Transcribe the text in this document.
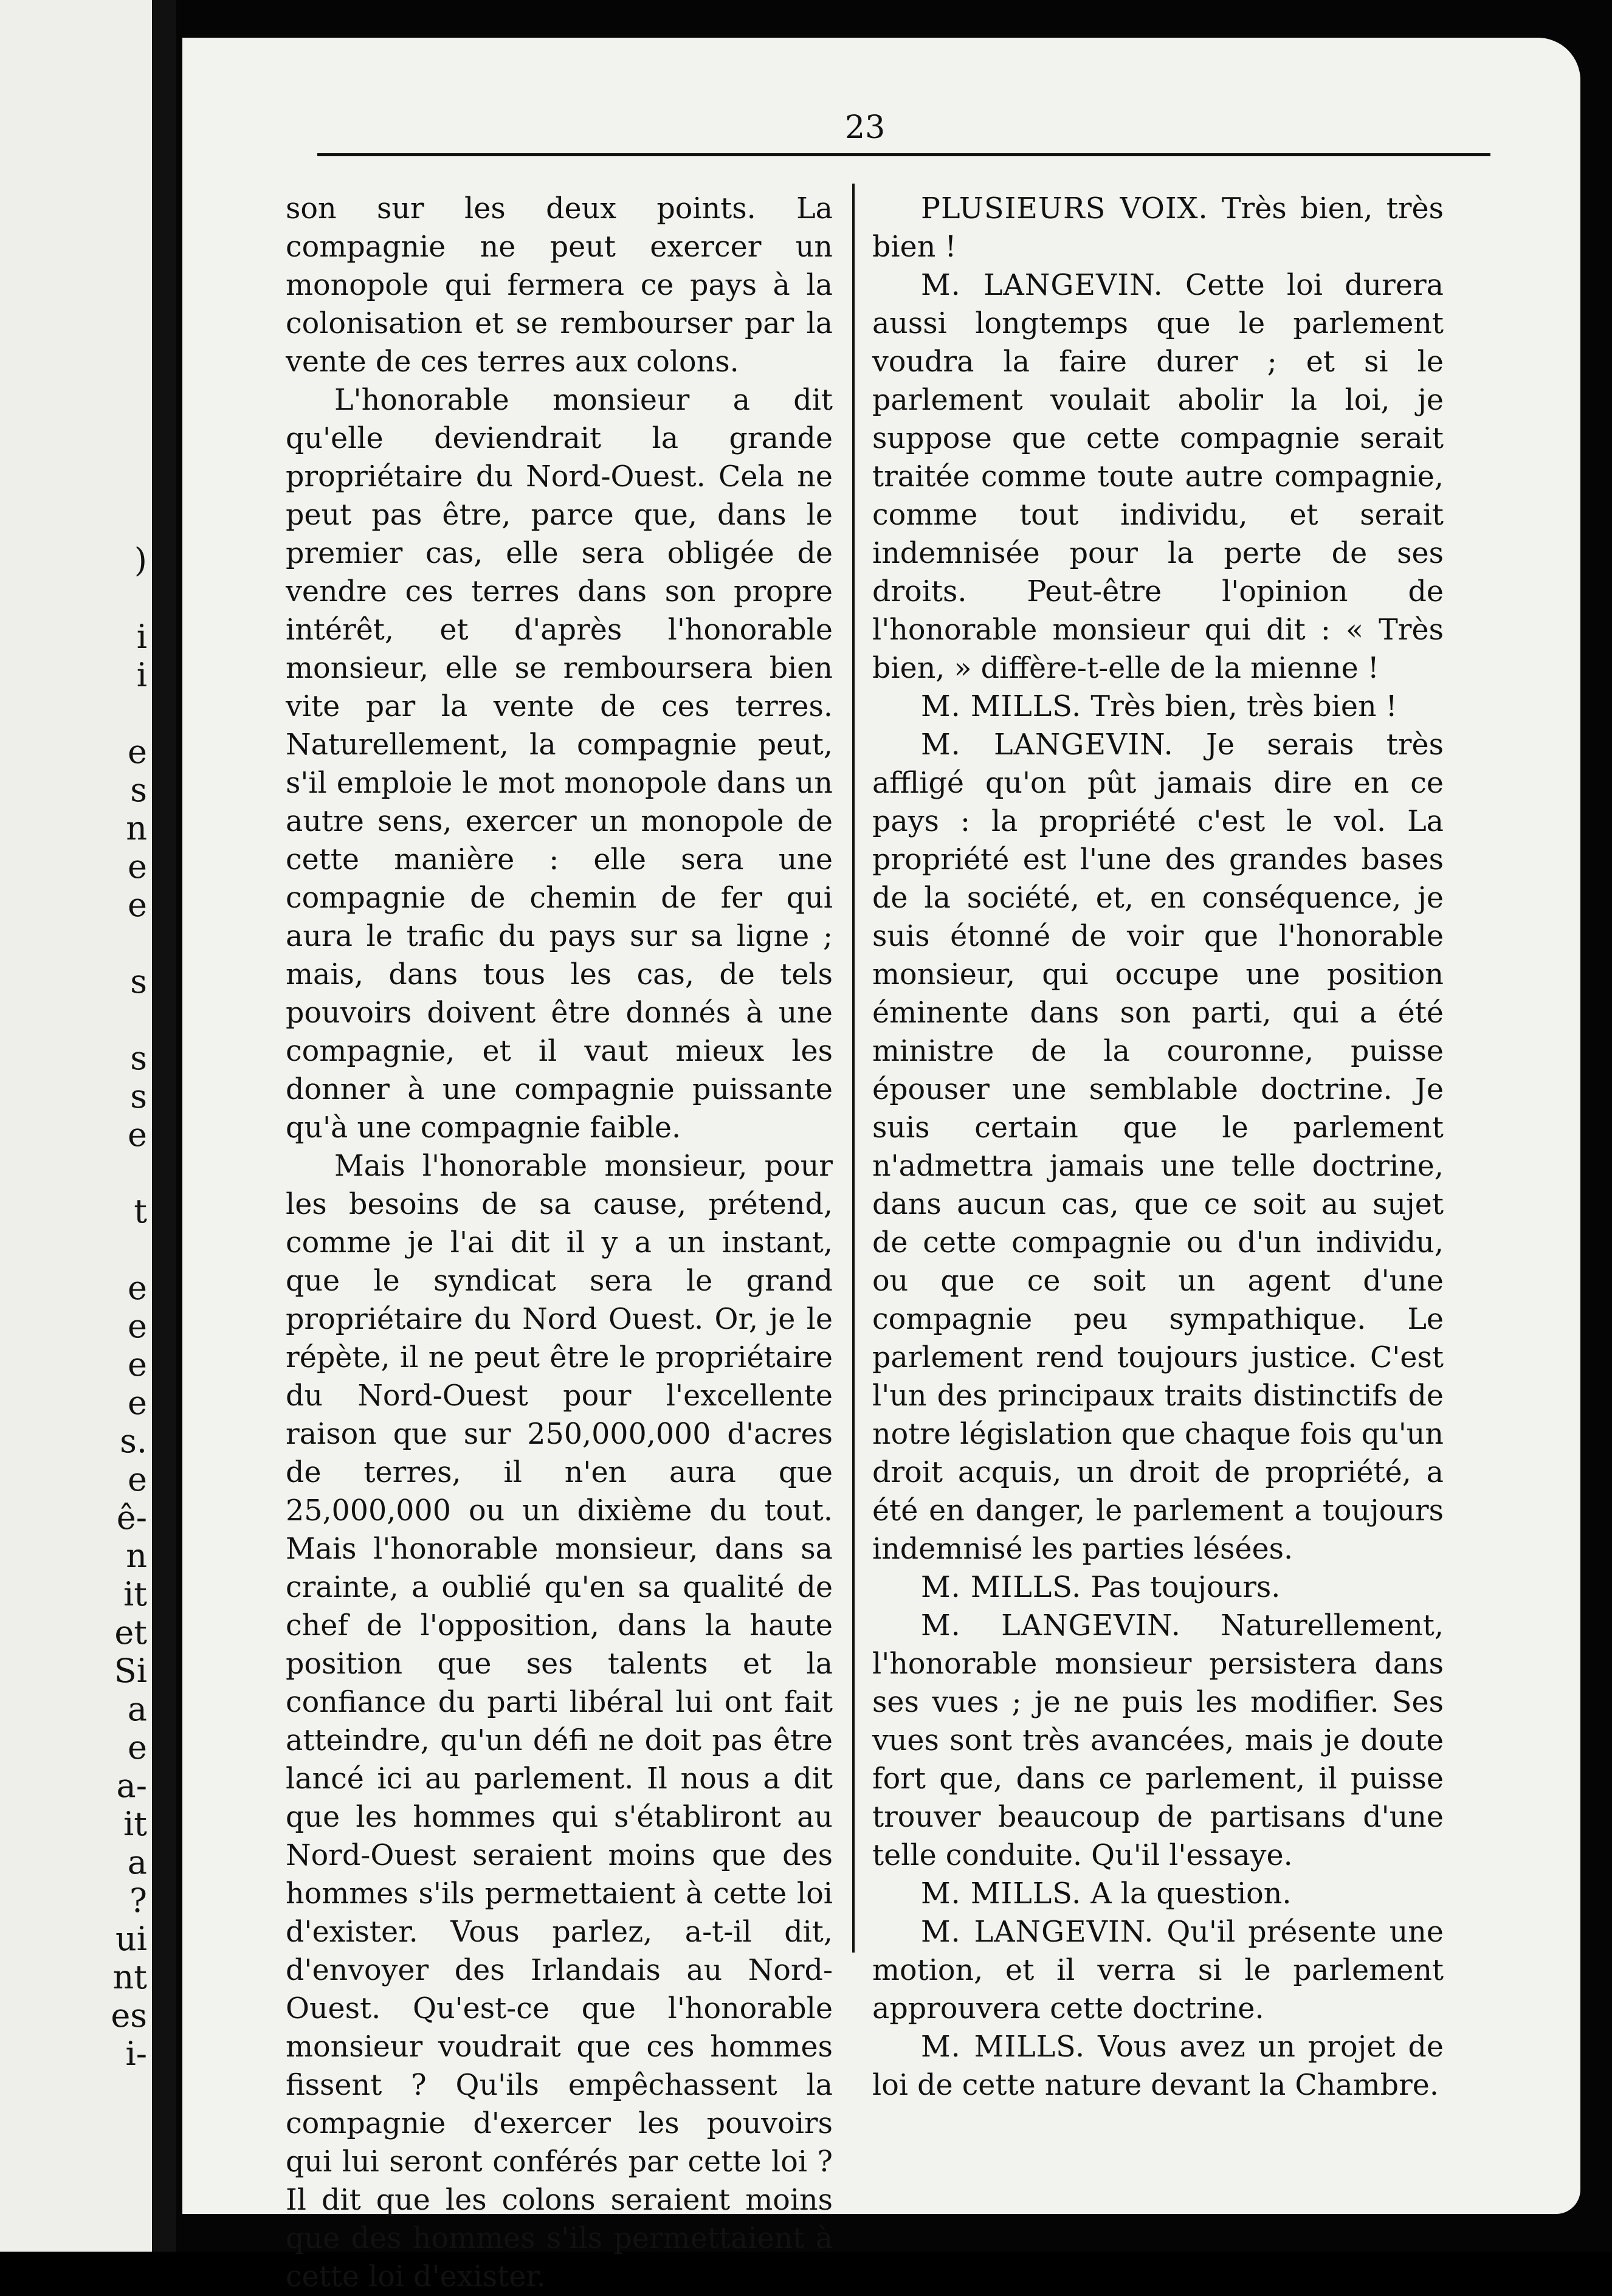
)
i
i
e
s
n
e
e
s
s
s
e
t
e
e
e
e
s.
e
ê-
n
it
et
Si
a
e
a-
it
a
?
ui
nt
es
i-
23

son sur les deux points. La compagnie ne peut exercer un monopole qui fermera ce pays à la colonisation et se rembourser par la vente de ces terres aux colons.

L'honorable monsieur a dit qu'elle deviendrait la grande propriétaire du Nord-Ouest. Cela ne peut pas être, parce que, dans le premier cas, elle sera obligée de vendre ces terres dans son propre intérêt, et d'après l'honorable monsieur, elle se remboursera bien vite par la vente de ces terres. Naturellement, la compagnie peut, s'il emploie le mot monopole dans un autre sens, exercer un monopole de cette manière : elle sera une compagnie de chemin de fer qui aura le trafic du pays sur sa ligne ; mais, dans tous les cas, de tels pouvoirs doivent être donnés à une compagnie, et il vaut mieux les donner à une compagnie puissante qu'à une compagnie faible.

Mais l'honorable monsieur, pour les besoins de sa cause, prétend, comme je l'ai dit il y a un instant, que le syndicat sera le grand propriétaire du Nord Ouest. Or, je le répète, il ne peut être le propriétaire du Nord-Ouest pour l'excellente raison que sur 250,000,000 d'acres de terres, il n'en aura que 25,000,000 ou un dixième du tout. Mais l'honorable monsieur, dans sa crainte, a oublié qu'en sa qualité de chef de l'opposition, dans la haute position que ses talents et la confiance du parti libéral lui ont fait atteindre, qu'un défi ne doit pas être lancé ici au parlement. Il nous a dit que les hommes qui s'établiront au Nord-Ouest seraient moins que des hommes s'ils permettaient à cette loi d'exister. Vous parlez, a-t-il dit, d'envoyer des Irlandais au Nord-Ouest. Qu'est-ce que l'honorable monsieur voudrait que ces hommes fissent ? Qu'ils empêchassent la compagnie d'exercer les pouvoirs qui lui seront conférés par cette loi ? Il dit que les colons seraient moins que des hommes s'ils permettaient à cette loi d'exister.

PLUSIEURS VOIX. Très bien, très bien !

M. LANGEVIN. Cette loi durera aussi longtemps que le parlement voudra la faire durer ; et si le parlement voulait abolir la loi, je suppose que cette compagnie serait traitée comme toute autre compagnie, comme tout individu, et serait indemnisée pour la perte de ses droits. Peut-être l'opinion de l'honorable monsieur qui dit : « Très bien, » diffère-t-elle de la mienne !

M. MILLS. Très bien, très bien !

M. LANGEVIN. Je serais très affligé qu'on pût jamais dire en ce pays : la propriété c'est le vol. La propriété est l'une des grandes bases de la société, et, en conséquence, je suis étonné de voir que l'honorable monsieur, qui occupe une position éminente dans son parti, qui a été ministre de la couronne, puisse épouser une semblable doctrine. Je suis certain que le parlement n'admettra jamais une telle doctrine, dans aucun cas, que ce soit au sujet de cette compagnie ou d'un individu, ou que ce soit un agent d'une compagnie peu sympathique. Le parlement rend toujours justice. C'est l'un des principaux traits distinctifs de notre législation que chaque fois qu'un droit acquis, un droit de propriété, a été en danger, le parlement a toujours indemnisé les parties lésées.

M. MILLS. Pas toujours.

M. LANGEVIN. Naturellement, l'honorable monsieur persistera dans ses vues ; je ne puis les modifier. Ses vues sont très avancées, mais je doute fort que, dans ce parlement, il puisse trouver beaucoup de partisans d'une telle conduite. Qu'il l'essaye.

M. MILLS. A la question.

M. LANGEVIN. Qu'il présente une motion, et il verra si le parlement approuvera cette doctrine.

M. MILLS. Vous avez un projet de loi de cette nature devant la Chambre.
